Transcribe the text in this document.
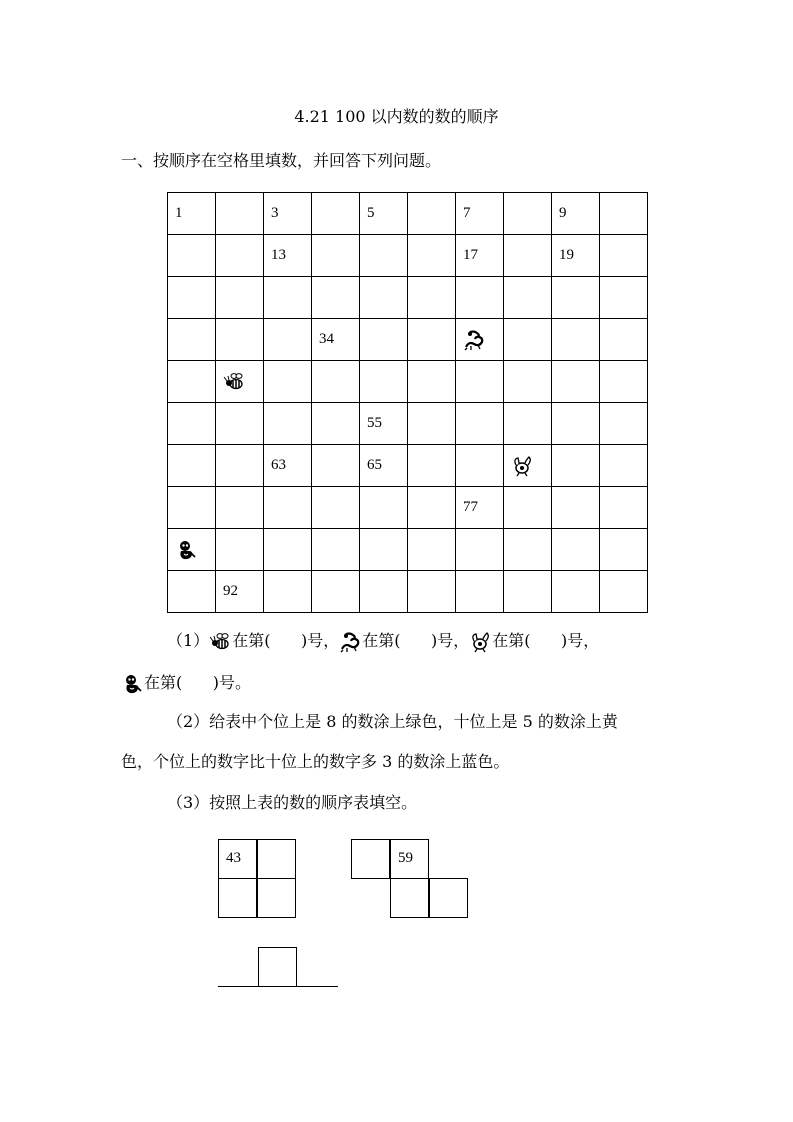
4.21 100 以内数的数的顺序
一、按顺序在空格里填数，并回答下列问题。
1		3		5		7		9	
		13				17		19	

			34						

				55					
		63		65					
						77			

	92								
（1） 在第(      )号， 在第(      )号， 在第(      )号，
在第(      )号。
（2）给表中个位上是 8 的数涂上绿色，十位上是 5 的数涂上黄
色，个位上的数字比十位上的数字多 3 的数涂上蓝色。
（3）按照上表的数的顺序表填空。
43	59
